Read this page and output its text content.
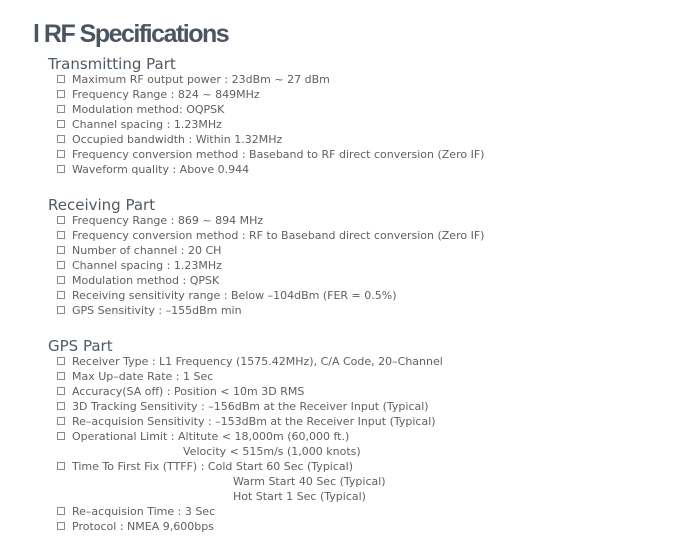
l RF Specifications
Transmitting Part
Maximum RF output power : 23dBm ~ 27 dBm
Frequency Range : 824 ~ 849MHz
Modulation method: OQPSK
Channel spacing : 1.23MHz
Occupied bandwidth : Within 1.32MHz
Frequency conversion method : Baseband to RF direct conversion (Zero IF)
Waveform quality : Above 0.944
Receiving Part
Frequency Range : 869 ~ 894 MHz
Frequency conversion method : RF to Baseband direct conversion (Zero IF)
Number of channel : 20 CH
Channel spacing : 1.23MHz
Modulation method : QPSK
Receiving sensitivity range : Below –104dBm (FER = 0.5%)
GPS Sensitivity : –155dBm min
GPS Part
Receiver Type : L1 Frequency (1575.42MHz), C/A Code, 20–Channel
Max Up–date Rate : 1 Sec
Accuracy(SA off) : Position < 10m 3D RMS
3D Tracking Sensitivity : –156dBm at the Receiver Input (Typical)
Re–acquision Sensitivity : –153dBm at the Receiver Input (Typical)
Operational Limit : Altitute < 18,000m (60,000 ft.)
Velocity < 515m/s (1,000 knots)
Time To First Fix (TTFF) : Cold Start 60 Sec (Typical)
Warm Start 40 Sec (Typical)
Hot Start 1 Sec (Typical)
Re–acquision Time : 3 Sec
Protocol : NMEA 9,600bps
